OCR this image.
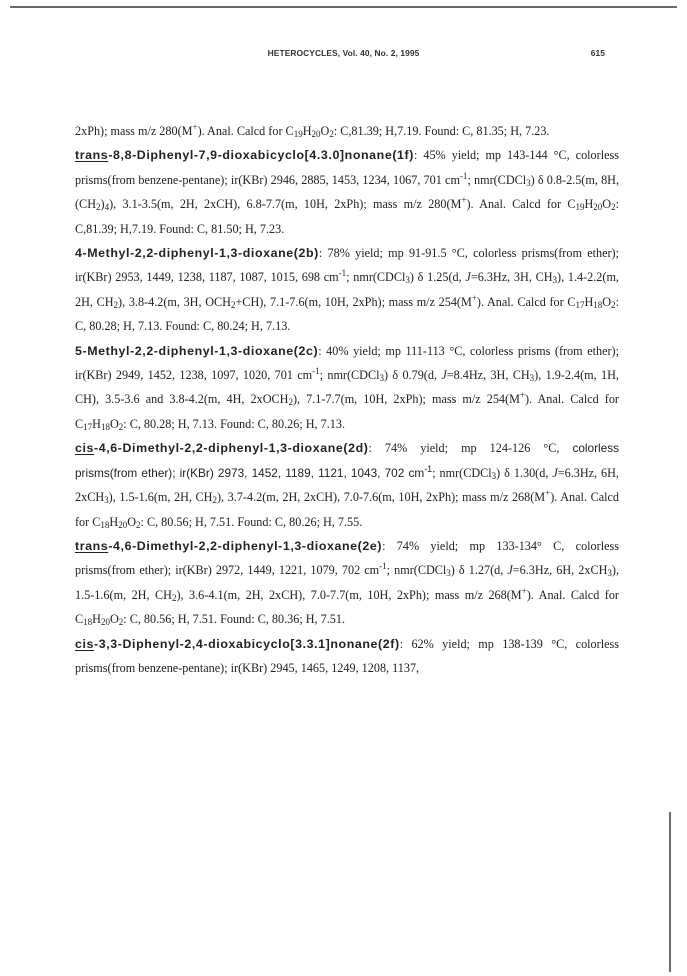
HETEROCYCLES, Vol. 40, No. 2, 1995	615

2xPh); mass m/z 280(M+). Anal. Calcd for $C_{19}H_{20}O_2$: C,81.39; H,7.19. Found: C, 81.35; H, 7.23.

trans-8,8-Diphenyl-7,9-dioxabicyclo[4.3.0]nonane(1f): 45% yield; mp 143-144 °C, colorless prisms(from benzene-pentane); ir(KBr) 2946, 2885, 1453, 1234, 1067, 701 $cm^{-1}$; nmr(CDCl$_3$) δ 0.8-2.5(m, 8H, $(CH_2)_4$), 3.1-3.5(m, 2H, 2xCH), 6.8-7.7(m, 10H, 2xPh); mass m/z 280(M+). Anal. Calcd for $C_{19}H_{20}O_2$: C,81.39; H,7.19. Found: C, 81.50; H, 7.23.

4-Methyl-2,2-diphenyl-1,3-dioxane(2b): 78% yield; mp 91-91.5 °C, colorless prisms(from ether); ir(KBr) 2953, 1449, 1238, 1187, 1087, 1015, 698 $cm^{-1}$; nmr(CDCl$_3$) δ 1.25(d, J=6.3Hz, 3H, $CH_3$), 1.4-2.2(m, 2H, $CH_2$), 3.8-4.2(m, 3H, $OCH_2+CH$), 7.1-7.6(m, 10H, 2xPh); mass m/z 254(M+). Anal. Calcd for $C_{17}H_{18}O_2$: C, 80.28; H, 7.13. Found: C, 80.24; H, 7.13.

5-Methyl-2,2-diphenyl-1,3-dioxane(2c): 40% yield; mp 111-113 °C, colorless prisms (from ether); ir(KBr) 2949, 1452, 1238, 1097, 1020, 701 $cm^{-1}$; nmr(CDCl$_3$) δ 0.79(d, J=8.4Hz, 3H, $CH_3$), 1.9-2.4(m, 1H, CH), 3.5-3.6 and 3.8-4.2(m, 4H, 2xOCH$_2$), 7.1-7.7(m, 10H, 2xPh); mass m/z 254(M+). Anal. Calcd for $C_{17}H_{18}O_2$: C, 80.28; H, 7.13. Found: C, 80.26; H, 7.13.

cis-4,6-Dimethyl-2,2-diphenyl-1,3-dioxane(2d): 74% yield; mp 124-126 °C, colorless prisms(from ether); ir(KBr) 2973, 1452, 1189, 1121, 1043, 702 $cm^{-1}$; nmr(CDCl$_3$) δ 1.30(d, J=6.3Hz, 6H, 2xCH$_3$), 1.5-1.6(m, 2H, $CH_2$), 3.7-4.2(m, 2H, 2xCH), 7.0-7.6(m, 10H, 2xPh); mass m/z 268(M+). Anal. Calcd for $C_{18}H_{20}O_2$: C, 80.56; H, 7.51. Found: C, 80.26; H, 7.55.

trans-4,6-Dimethyl-2,2-diphenyl-1,3-dioxane(2e): 74% yield; mp 133-134° C, colorless prisms(from ether); ir(KBr) 2972, 1449, 1221, 1079, 702 $cm^{-1}$; nmr(CDCl$_3$) δ 1.27(d, J=6.3Hz, 6H, 2xCH$_3$), 1.5-1.6(m, 2H, $CH_2$), 3.6-4.1(m, 2H, 2xCH), 7.0-7.7(m, 10H, 2xPh); mass m/z 268(M+). Anal. Calcd for $C_{18}H_{20}O_2$: C, 80.56; H, 7.51. Found: C, 80.36; H, 7.51.

cis-3,3-Diphenyl-2,4-dioxabicyclo[3.3.1]nonane(2f): 62% yield; mp 138-139 °C, colorless prisms(from benzene-pentane); ir(KBr) 2945, 1465, 1249, 1208, 1137,
